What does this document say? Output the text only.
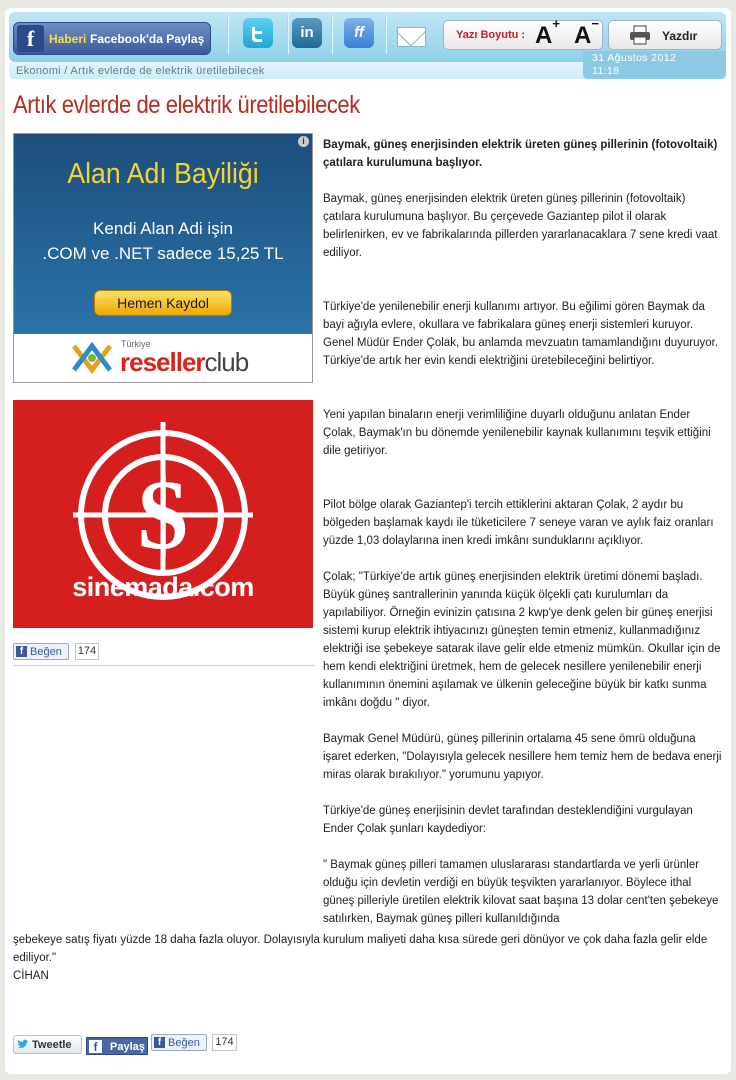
f	Haberi Facebook'da Paylaş	in	ff	Yazı Boyutu : A+ A−
Yazdır
Ekonomi / Artık evlerde de elektrik üretilebilecek
31 Ağustos 2012
11:18
Artık evlerde de elektrik üretilebilecek
i
Alan Adı Bayiliği
Kendi Alan Adi işin
.COM ve .NET sadece 15,25 TL
Hemen Kaydol
Türkiye
resellerclub
$
sinemada.com
f Beğen 174

Baymak, güneş enerjisinden elektrik üreten güneş pillerinin (fotovoltaik) çatılara kurulumuna başlıyor.

Baymak, güneş enerjisinden elektrik üreten güneş pillerinin (fotovoltaik) çatılara kurulumuna başlıyor. Bu çerçevede Gaziantep pilot il olarak belirlenirken, ev ve fabrikalarında pillerden yararlanacaklara 7 sene kredi vaat ediliyor.

Türkiye'de yenilenebilir enerji kullanımı artıyor. Bu eğilimi gören Baymak da bayi ağıyla evlere, okullara ve fabrikalara güneş enerji sistemleri kuruyor. Genel Müdür Ender Çolak, bu anlamda mevzuatın tamamlandığını duyuruyor. Türkiye'de artık her evin kendi elektriğini üretebileceğini belirtiyor.

Yeni yapılan binaların enerji verimliliğine duyarlı olduğunu anlatan Ender Çolak, Baymak'ın bu dönemde yenilenebilir kaynak kullanımını teşvik ettiğini dile getiriyor.

Pilot bölge olarak Gaziantep'i tercih ettiklerini aktaran Çolak, 2 aydır bu bölgeden başlamak kaydı ile tüketicilere 7 seneye varan ve aylık faiz oranları yüzde 1,03 dolaylarına inen kredi imkânı sunduklarını açıklıyor.

Çolak; "Türkiye'de artık güneş enerjisinden elektrik üretimi dönemi başladı. Büyük güneş santrallerinin yanında küçük ölçekli çatı kurulumları da yapılabiliyor. Örneğin evinizin çatısına 2 kwp'ye denk gelen bir güneş enerjisi sistemi kurup elektrik ihtiyacınızı güneşten temin etmeniz, kullanmadığınız elektriği ise şebekeye satarak ilave gelir elde etmeniz mümkün. Okullar için de hem kendi elektriğini üretmek, hem de gelecek nesillere yenilenebilir enerji kullanımının önemini aşılamak ve ülkenin geleceğine büyük bir katkı sunma imkânı doğdu " diyor.

Baymak Genel Müdürü, güneş pillerinin ortalama 45 sene ömrü olduğuna işaret ederken, "Dolayısıyla gelecek nesillere hem temiz hem de bedava enerji miras olarak bırakılıyor." yorumunu yapıyor.

Türkiye'de güneş enerjisinin devlet tarafından desteklendiğini vurgulayan Ender Çolak şunları kaydediyor:

" Baymak güneş pilleri tamamen uluslararası standartlarda ve yerli ürünler olduğu için devletin verdiği en büyük teşvikten yararlanıyor. Böylece ithal güneş pilleriyle üretilen elektrik kilovat saat başına 13 dolar cent'ten şebekeye satılırken, Baymak güneş pilleri kullanıldığında

şebekeye satış fiyatı yüzde 18 daha fazla oluyor. Dolayısıyla kurulum maliyeti daha kısa sürede geri dönüyor ve çok daha fazla gelir elde ediliyor."

CİHAN

Tweetle	f	Paylaş	f Beğen	174
